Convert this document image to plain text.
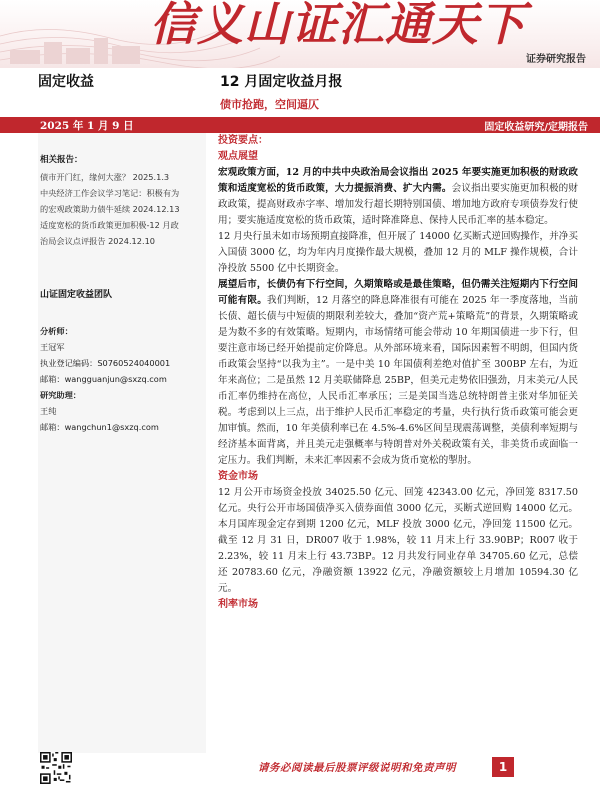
信义山证汇通天下
证券研究报告
固定收益	12 月固定收益月报
债市抢跑，空间逼仄
2025 年 1 月 9 日	固定收益研究/定期报告
相关报告：
债市开门红，缘何大涨？ 2025.1.3
中央经济工作会议学习笔记：积极有为
的宏观政策助力债牛延续 2024.12.13
适度宽松的货币政策更加积极-12 月政
治局会议点评报告 2024.12.10
山证固定收益团队
分析师：
王冠军
执业登记编码：S0760524040001
邮箱：wangguanjun@sxzq.com
研究助理：
王纯
邮箱：wangchun1@sxzq.com
投资要点：
观点展望

宏观政策方面，12 月的中共中央政治局会议指出 2025 年要实施更加积极的财政政策和适度宽松的货币政策，大力提振消费、扩大内需。会议指出要实施更加积极的财政政策，提高财政赤字率、增加发行超长期特别国债、增加地方政府专项债券发行使用；要实施适度宽松的货币政策，适时降准降息、保持人民币汇率的基本稳定。

12 月央行虽未如市场预期直接降准，但开展了 14000 亿买断式逆回购操作，并净买入国债 3000 亿，均为年内月度操作最大规模，叠加 12 月的 MLF 操作规模，合计净投放 5500 亿中长期资金。

展望后市，长债仍有下行空间，久期策略或是最佳策略，但仍需关注短期内下行空间可能有限。我们判断，12 月落空的降息降准很有可能在 2025 年一季度落地，当前长债、超长债与中短债的期限利差较大，叠加“资产荒+策略荒”的背景，久期策略或是为数不多的有效策略。短期内，市场情绪可能会带动 10 年期国债进一步下行，但要注意市场已经开始提前定价降息。从外部环境来看，国际因素暂不明朗，但国内货币政策会坚持“以我为主”。一是中美 10 年国债利差绝对值扩至 300BP 左右，为近年来高位；二是虽然 12 月美联储降息 25BP，但美元走势依旧强劲，月末美元/人民币汇率仍维持在高位，人民币汇率承压；三是美国当选总统特朗普主张对华加征关税。考虑到以上三点，出于维护人民币汇率稳定的考量，央行执行货币政策可能会更加审慎。然而，10 年美债利率已在 4.5%-4.6%区间呈现震荡调整，美债利率短期与经济基本面背离，并且美元走强概率与特朗普对外关税政策有关，非美货币或面临一定压力。我们判断，未来汇率因素不会成为货币宽松的掣肘。

资金市场

12 月公开市场资金投放 34025.50 亿元、回笼 42343.00 亿元，净回笼 8317.50 亿元。央行公开市场国债净买入债券面值 3000 亿元，买断式逆回购 14000 亿元。本月国库现金定存到期 1200 亿元，MLF 投放 3000 亿元，净回笼 11500 亿元。截至 12 月 31 日，DR007 收于 1.98%，较 11 月末上行 33.90BP；R007 收于 2.23%，较 11 月末上行 43.73BP。12 月共发行同业存单 34705.60 亿元，总偿还 20783.60 亿元，净融资额 13922 亿元，净融资额较上月增加 10594.30 亿元。

利率市场
请务必阅读最后股票评级说明和免责声明	1
